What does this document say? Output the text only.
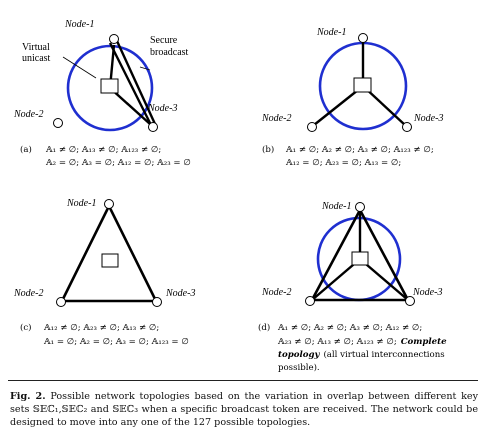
Node-1
Node-2
Node-3
Virtual
unicast
Secure
broadcast
(a) 𝔸₁ ≠ ∅; 𝔸₁₃ ≠ ∅; 𝔸₁₂₃ ≠ ∅;
𝔸₂ = ∅; 𝔸₃ = ∅; 𝔸₁₂ = ∅; 𝔸₂₃ = ∅
Node-1
Node-2	Node-3
(b) 𝔸₁ ≠ ∅; 𝔸₂ ≠ ∅; 𝔸₃ ≠ ∅; 𝔸₁₂₃ ≠ ∅;
𝔸₁₂ = ∅; 𝔸₂₃ = ∅; 𝔸₁₃ = ∅;
Node-1
Node-2	Node-3
(c) 𝔸₁₂ ≠ ∅; 𝔸₂₃ ≠ ∅; 𝔸₁₃ ≠ ∅;
𝔸₁ = ∅; 𝔸₂ = ∅; 𝔸₃ = ∅; 𝔸₁₂₃ = ∅
Node-1
Node-2	Node-3
(d) 𝔸₁ ≠ ∅; 𝔸₂ ≠ ∅; 𝔸₃ ≠ ∅; 𝔸₁₂ ≠ ∅;
𝔸₂₃ ≠ ∅; 𝔸₁₃ ≠ ∅; 𝔸₁₂₃ ≠ ∅; Complete
topology (all virtual interconnections
possible).
Fig. 2. Possible network topologies based on the variation in overlap between different key sets 𝕊𝔼ℂ₁,𝕊𝔼ℂ₂ and 𝕊𝔼ℂ₃ when a specific broadcast token are received. The network could be designed to move into any one of the 127 possible topologies.
